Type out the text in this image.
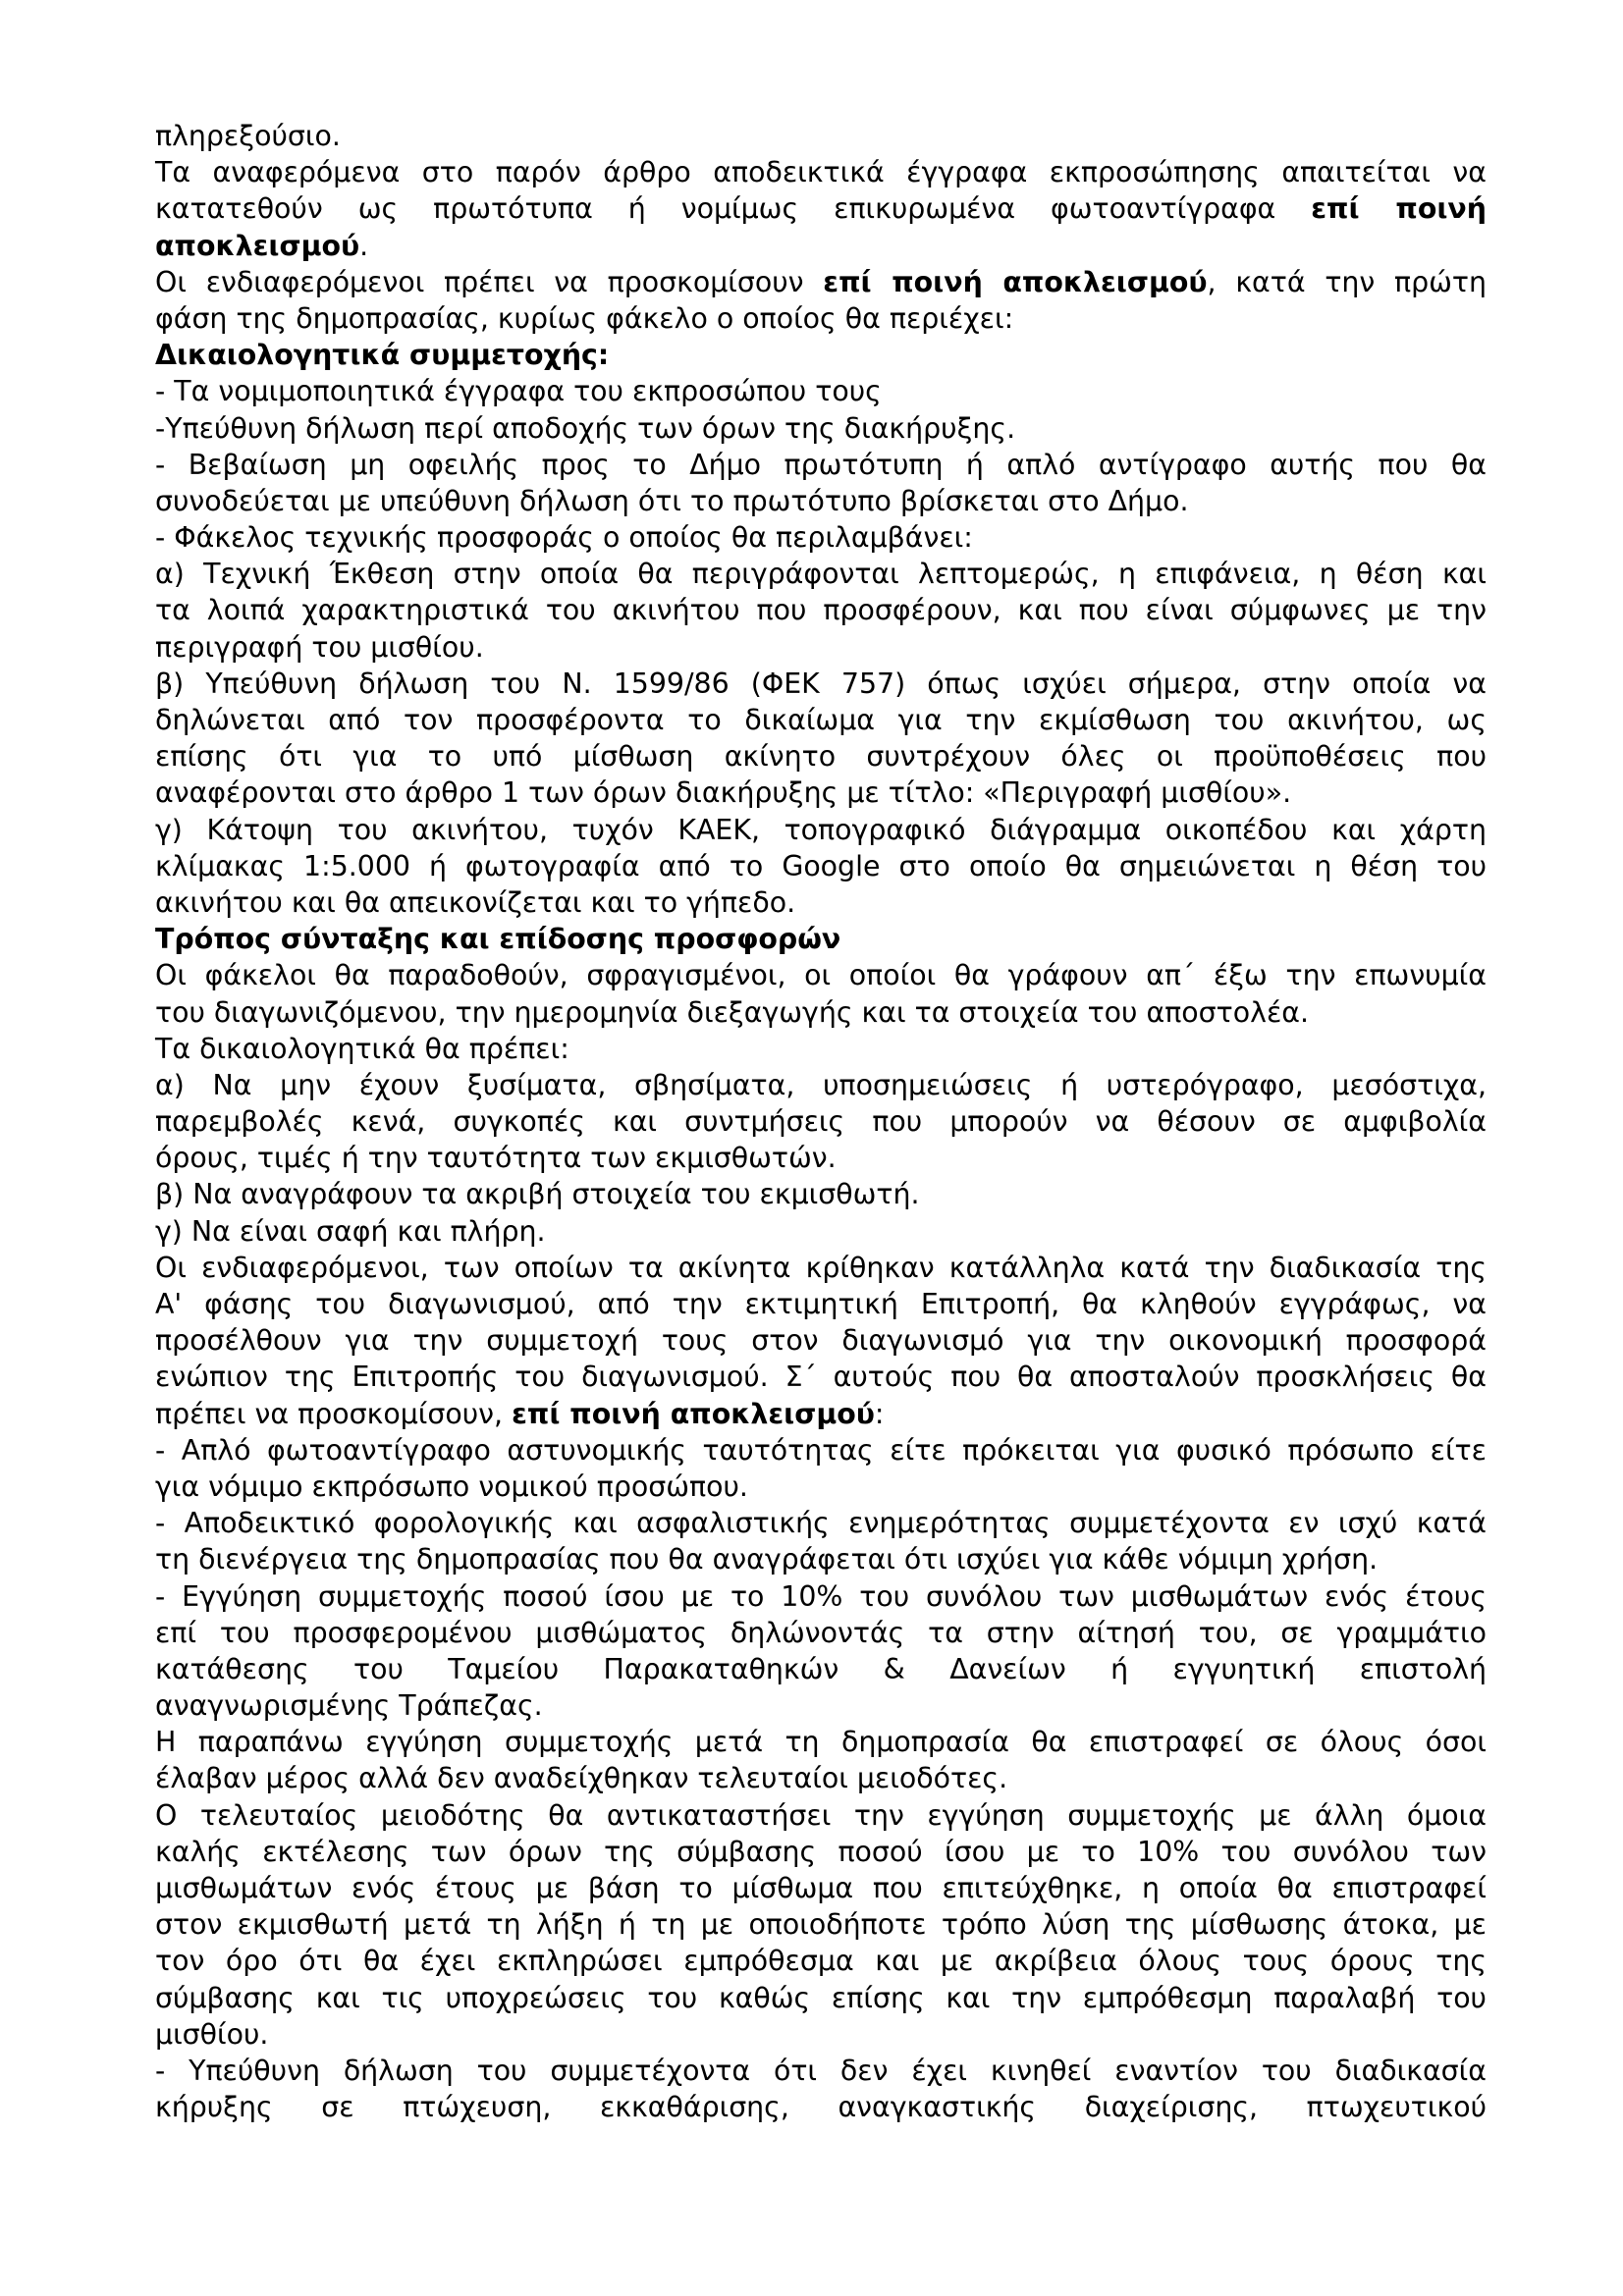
πληρεξούσιο.
Τα αναφερόμενα στο παρόν άρθρο αποδεικτικά έγγραφα εκπροσώπησης απαιτείται να
κατατεθούν ως πρωτότυπα ή νομίμως επικυρωμένα φωτοαντίγραφα επί ποινή
αποκλεισμού.
Οι ενδιαφερόμενοι πρέπει να προσκομίσουν επί ποινή αποκλεισμού, κατά την πρώτη
φάση της δημοπρασίας, κυρίως φάκελο ο οποίος θα περιέχει:
Δικαιολογητικά συμμετοχής:
- Τα νομιμοποιητικά έγγραφα του εκπροσώπου τους
-Υπεύθυνη δήλωση περί αποδοχής των όρων της διακήρυξης.
- Βεβαίωση μη οφειλής προς το Δήμο πρωτότυπη ή απλό αντίγραφο αυτής που θα
συνοδεύεται με υπεύθυνη δήλωση ότι το πρωτότυπο βρίσκεται στο Δήμο.
- Φάκελος τεχνικής προσφοράς ο οποίος θα περιλαμβάνει:
α) Τεχνική Έκθεση στην οποία θα περιγράφονται λεπτομερώς, η επιφάνεια, η θέση και
τα λοιπά χαρακτηριστικά του ακινήτου που προσφέρουν, και που είναι σύμφωνες με την
περιγραφή του μισθίου.
β) Υπεύθυνη δήλωση του Ν. 1599/86 (ΦΕΚ 757) όπως ισχύει σήμερα, στην οποία να
δηλώνεται από τον προσφέροντα το δικαίωμα για την εκμίσθωση του ακινήτου, ως
επίσης ότι για το υπό μίσθωση ακίνητο συντρέχουν όλες οι προϋποθέσεις που
αναφέρονται στο άρθρο 1 των όρων διακήρυξης με τίτλο: «Περιγραφή μισθίου».
γ) Κάτοψη του ακινήτου, τυχόν ΚΑΕΚ, τοπογραφικό διάγραμμα οικοπέδου και χάρτη
κλίμακας 1:5.000 ή φωτογραφία από το Google στο οποίο θα σημειώνεται η θέση του
ακινήτου και θα απεικονίζεται και το γήπεδο.
Τρόπος σύνταξης και επίδοσης προσφορών
Οι φάκελοι θα παραδοθούν, σφραγισμένοι, οι οποίοι θα γράφουν απ΄ έξω την επωνυμία
του διαγωνιζόμενου, την ημερομηνία διεξαγωγής και τα στοιχεία του αποστολέα.
Τα δικαιολογητικά θα πρέπει:
α) Να μην έχουν ξυσίματα, σβησίματα, υποσημειώσεις ή υστερόγραφο, μεσόστιχα,
παρεμβολές κενά, συγκοπές και συντμήσεις που μπορούν να θέσουν σε αμφιβολία
όρους, τιμές ή την ταυτότητα των εκμισθωτών.
β) Να αναγράφουν τα ακριβή στοιχεία του εκμισθωτή.
γ) Να είναι σαφή και πλήρη.
Οι ενδιαφερόμενοι, των οποίων τα ακίνητα κρίθηκαν κατάλληλα κατά την διαδικασία της
Α' φάσης του διαγωνισμού, από την εκτιμητική Επιτροπή, θα κληθούν εγγράφως, να
προσέλθουν για την συμμετοχή τους στον διαγωνισμό για την οικονομική προσφορά
ενώπιον της Επιτροπής του διαγωνισμού. Σ΄ αυτούς που θα αποσταλούν προσκλήσεις θα
πρέπει να προσκομίσουν, επί ποινή αποκλεισμού:
- Απλό φωτοαντίγραφο αστυνομικής ταυτότητας είτε πρόκειται για φυσικό πρόσωπο είτε
για νόμιμο εκπρόσωπο νομικού προσώπου.
- Αποδεικτικό φορολογικής και ασφαλιστικής ενημερότητας συμμετέχοντα εν ισχύ κατά
τη διενέργεια της δημοπρασίας που θα αναγράφεται ότι ισχύει για κάθε νόμιμη χρήση.
- Εγγύηση συμμετοχής ποσού ίσου με το 10% του συνόλου των μισθωμάτων ενός έτους
επί του προσφερομένου μισθώματος δηλώνοντάς τα στην αίτησή του, σε γραμμάτιο
κατάθεσης του Ταμείου Παρακαταθηκών & Δανείων ή εγγυητική επιστολή
αναγνωρισμένης Τράπεζας.
Η παραπάνω εγγύηση συμμετοχής μετά τη δημοπρασία θα επιστραφεί σε όλους όσοι
έλαβαν μέρος αλλά δεν αναδείχθηκαν τελευταίοι μειοδότες.
Ο τελευταίος μειοδότης θα αντικαταστήσει την εγγύηση συμμετοχής με άλλη όμοια
καλής εκτέλεσης των όρων της σύμβασης ποσού ίσου με το 10% του συνόλου των
μισθωμάτων ενός έτους με βάση το μίσθωμα που επιτεύχθηκε, η οποία θα επιστραφεί
στον εκμισθωτή μετά τη λήξη ή τη με οποιοδήποτε τρόπο λύση της μίσθωσης άτοκα, με
τον όρο ότι θα έχει εκπληρώσει εμπρόθεσμα και με ακρίβεια όλους τους όρους της
σύμβασης και τις υποχρεώσεις του καθώς επίσης και την εμπρόθεσμη παραλαβή του
μισθίου.
- Υπεύθυνη δήλωση του συμμετέχοντα ότι δεν έχει κινηθεί εναντίον του διαδικασία
κήρυξης σε πτώχευση, εκκαθάρισης, αναγκαστικής διαχείρισης, πτωχευτικού
